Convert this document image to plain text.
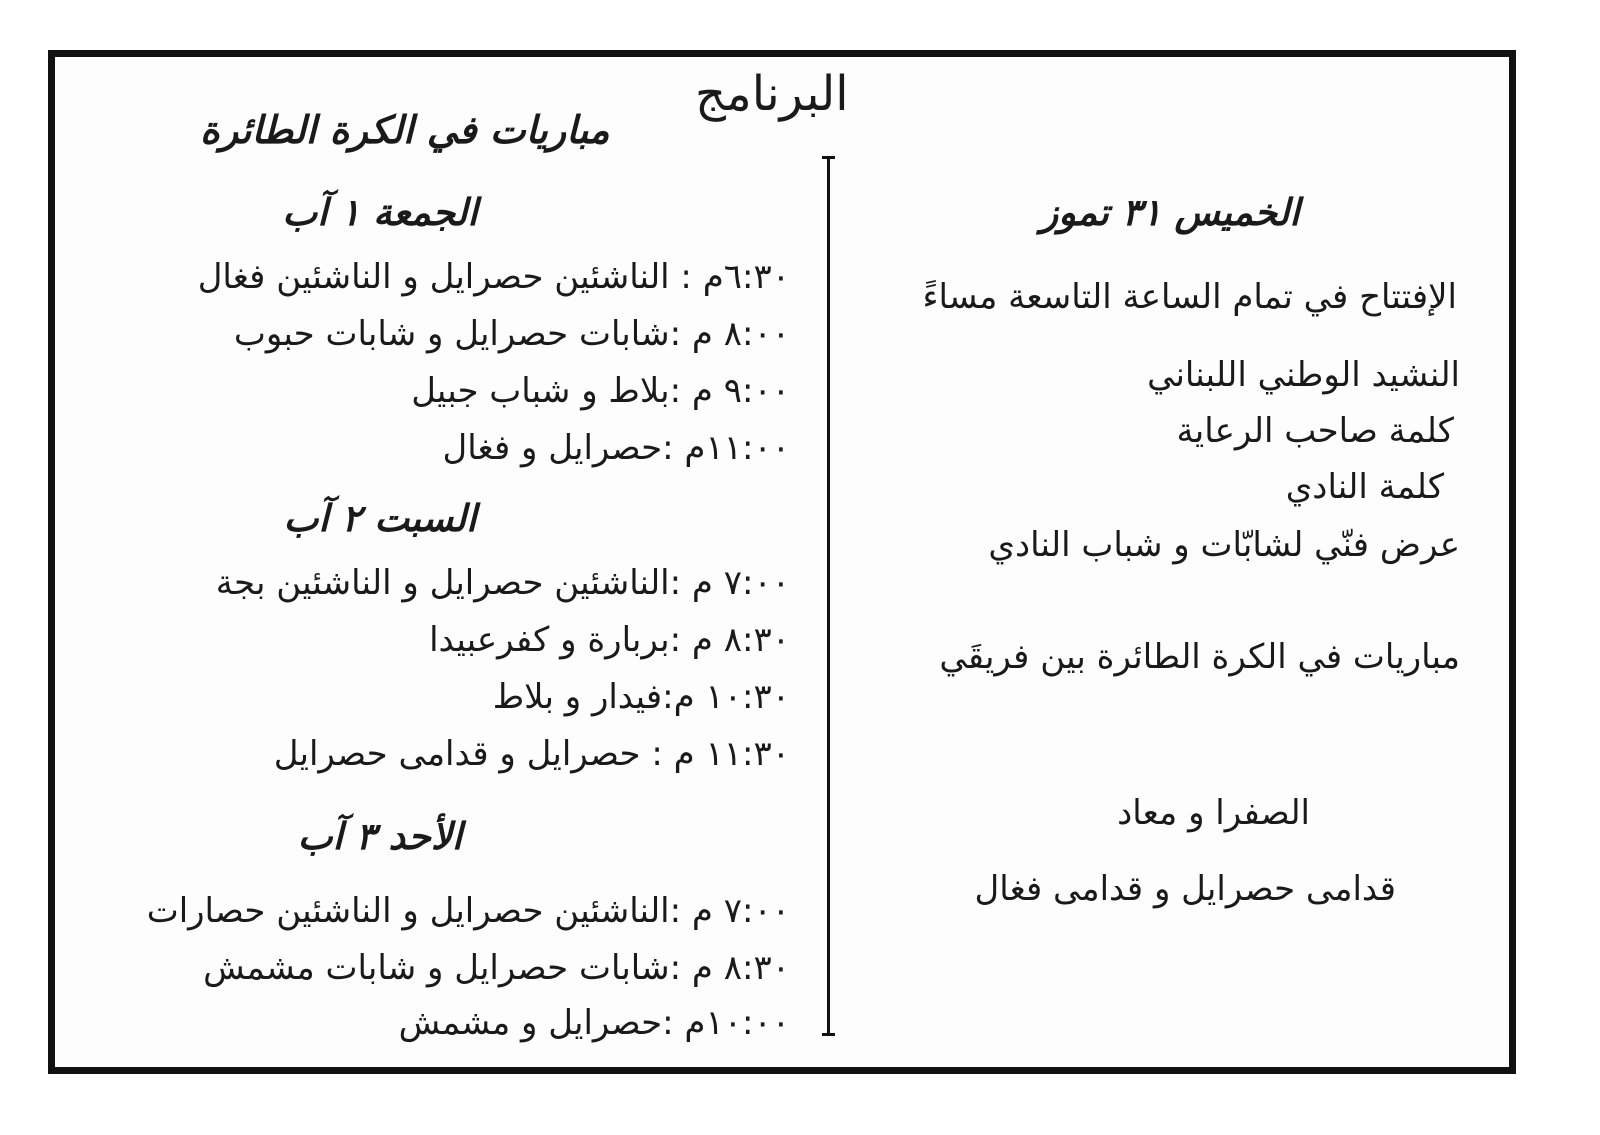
البرنامج
مباريات في الكرة الطائرة
الجمعة ١ آب
٦:٣٠م : الناشئين حصرايل و الناشئين فغال
٨:٠٠ م :شابات حصرايل و شابات حبوب
٩:٠٠ م :بلاط و شباب جبيل
١١:٠٠م :حصرايل و فغال
السبت ٢ آب
٧:٠٠ م :الناشئين حصرايل و الناشئين بجة
٨:٣٠ م :بربارة و كفرعبيدا
١٠:٣٠ م:فيدار و بلاط
١١:٣٠ م : حصرايل و قدامى حصرايل
الأحد ٣ آب
٧:٠٠ م :الناشئين حصرايل و الناشئين حصارات
٨:٣٠ م :شابات حصرايل و شابات مشمش
١٠:٠٠م :حصرايل و مشمش
الخميس ٣١ تموز
الإفتتاح في تمام الساعة التاسعة مساءً
النشيد الوطني اللبناني
كلمة صاحب الرعاية
كلمة النادي
عرض فنّي لشابّات و شباب النادي
مباريات في الكرة الطائرة بين فريقَي
الصفرا و معاد
قدامى حصرايل و قدامى فغال
